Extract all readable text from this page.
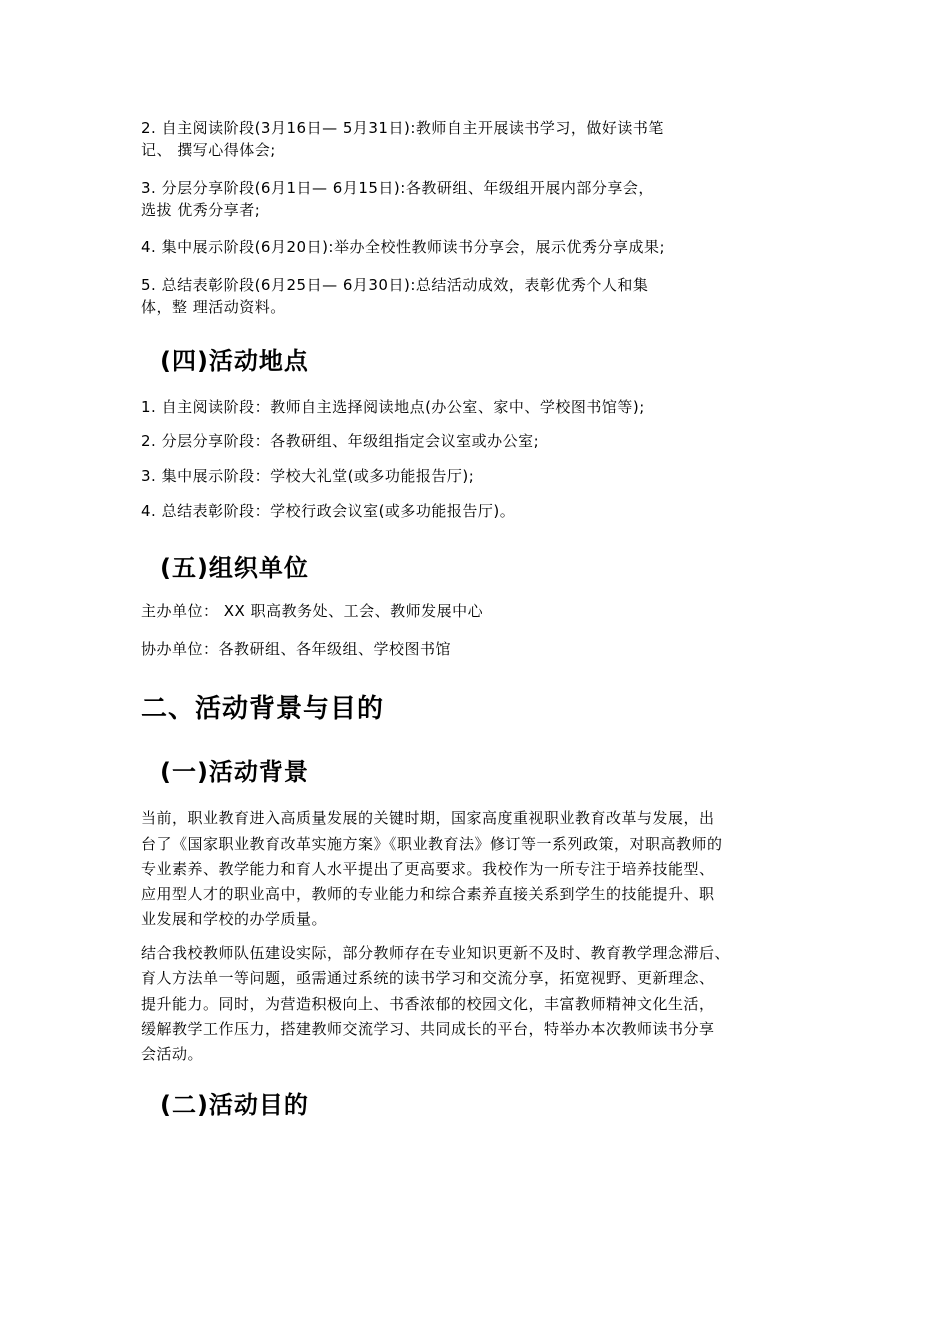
2. 自主阅读阶段(3月16日— 5月31日):教师自主开展读书学习，做好读书笔
记、 撰写心得体会;
3. 分层分享阶段(6月1日— 6月15日):各教研组、年级组开展内部分享会，
选拔 优秀分享者;
4. 集中展示阶段(6月20日):举办全校性教师读书分享会，展示优秀分享成果;
5. 总结表彰阶段(6月25日— 6月30日):总结活动成效，表彰优秀个人和集
体，整 理活动资料。
(四)活动地点
1. 自主阅读阶段：教师自主选择阅读地点(办公室、家中、学校图书馆等);
2. 分层分享阶段：各教研组、年级组指定会议室或办公室;
3. 集中展示阶段：学校大礼堂(或多功能报告厅);
4. 总结表彰阶段：学校行政会议室(或多功能报告厅)。
(五)组织单位
主办单位： XX 职高教务处、工会、教师发展中心
协办单位：各教研组、各年级组、学校图书馆
二、活动背景与目的
(一)活动背景
当前，职业教育进入高质量发展的关键时期，国家高度重视职业教育改革与发展，出
台了《国家职业教育改革实施方案》《职业教育法》修订等一系列政策，对职高教师的
专业素养、教学能力和育人水平提出了更高要求。我校作为一所专注于培养技能型、
应用型人才的职业高中，教师的专业能力和综合素养直接关系到学生的技能提升、职
业发展和学校的办学质量。
结合我校教师队伍建设实际，部分教师存在专业知识更新不及时、教育教学理念滞后、
育人方法单一等问题，亟需通过系统的读书学习和交流分享，拓宽视野、更新理念、
提升能力。同时，为营造积极向上、书香浓郁的校园文化，丰富教师精神文化生活，
缓解教学工作压力，搭建教师交流学习、共同成长的平台，特举办本次教师读书分享
会活动。
(二)活动目的
